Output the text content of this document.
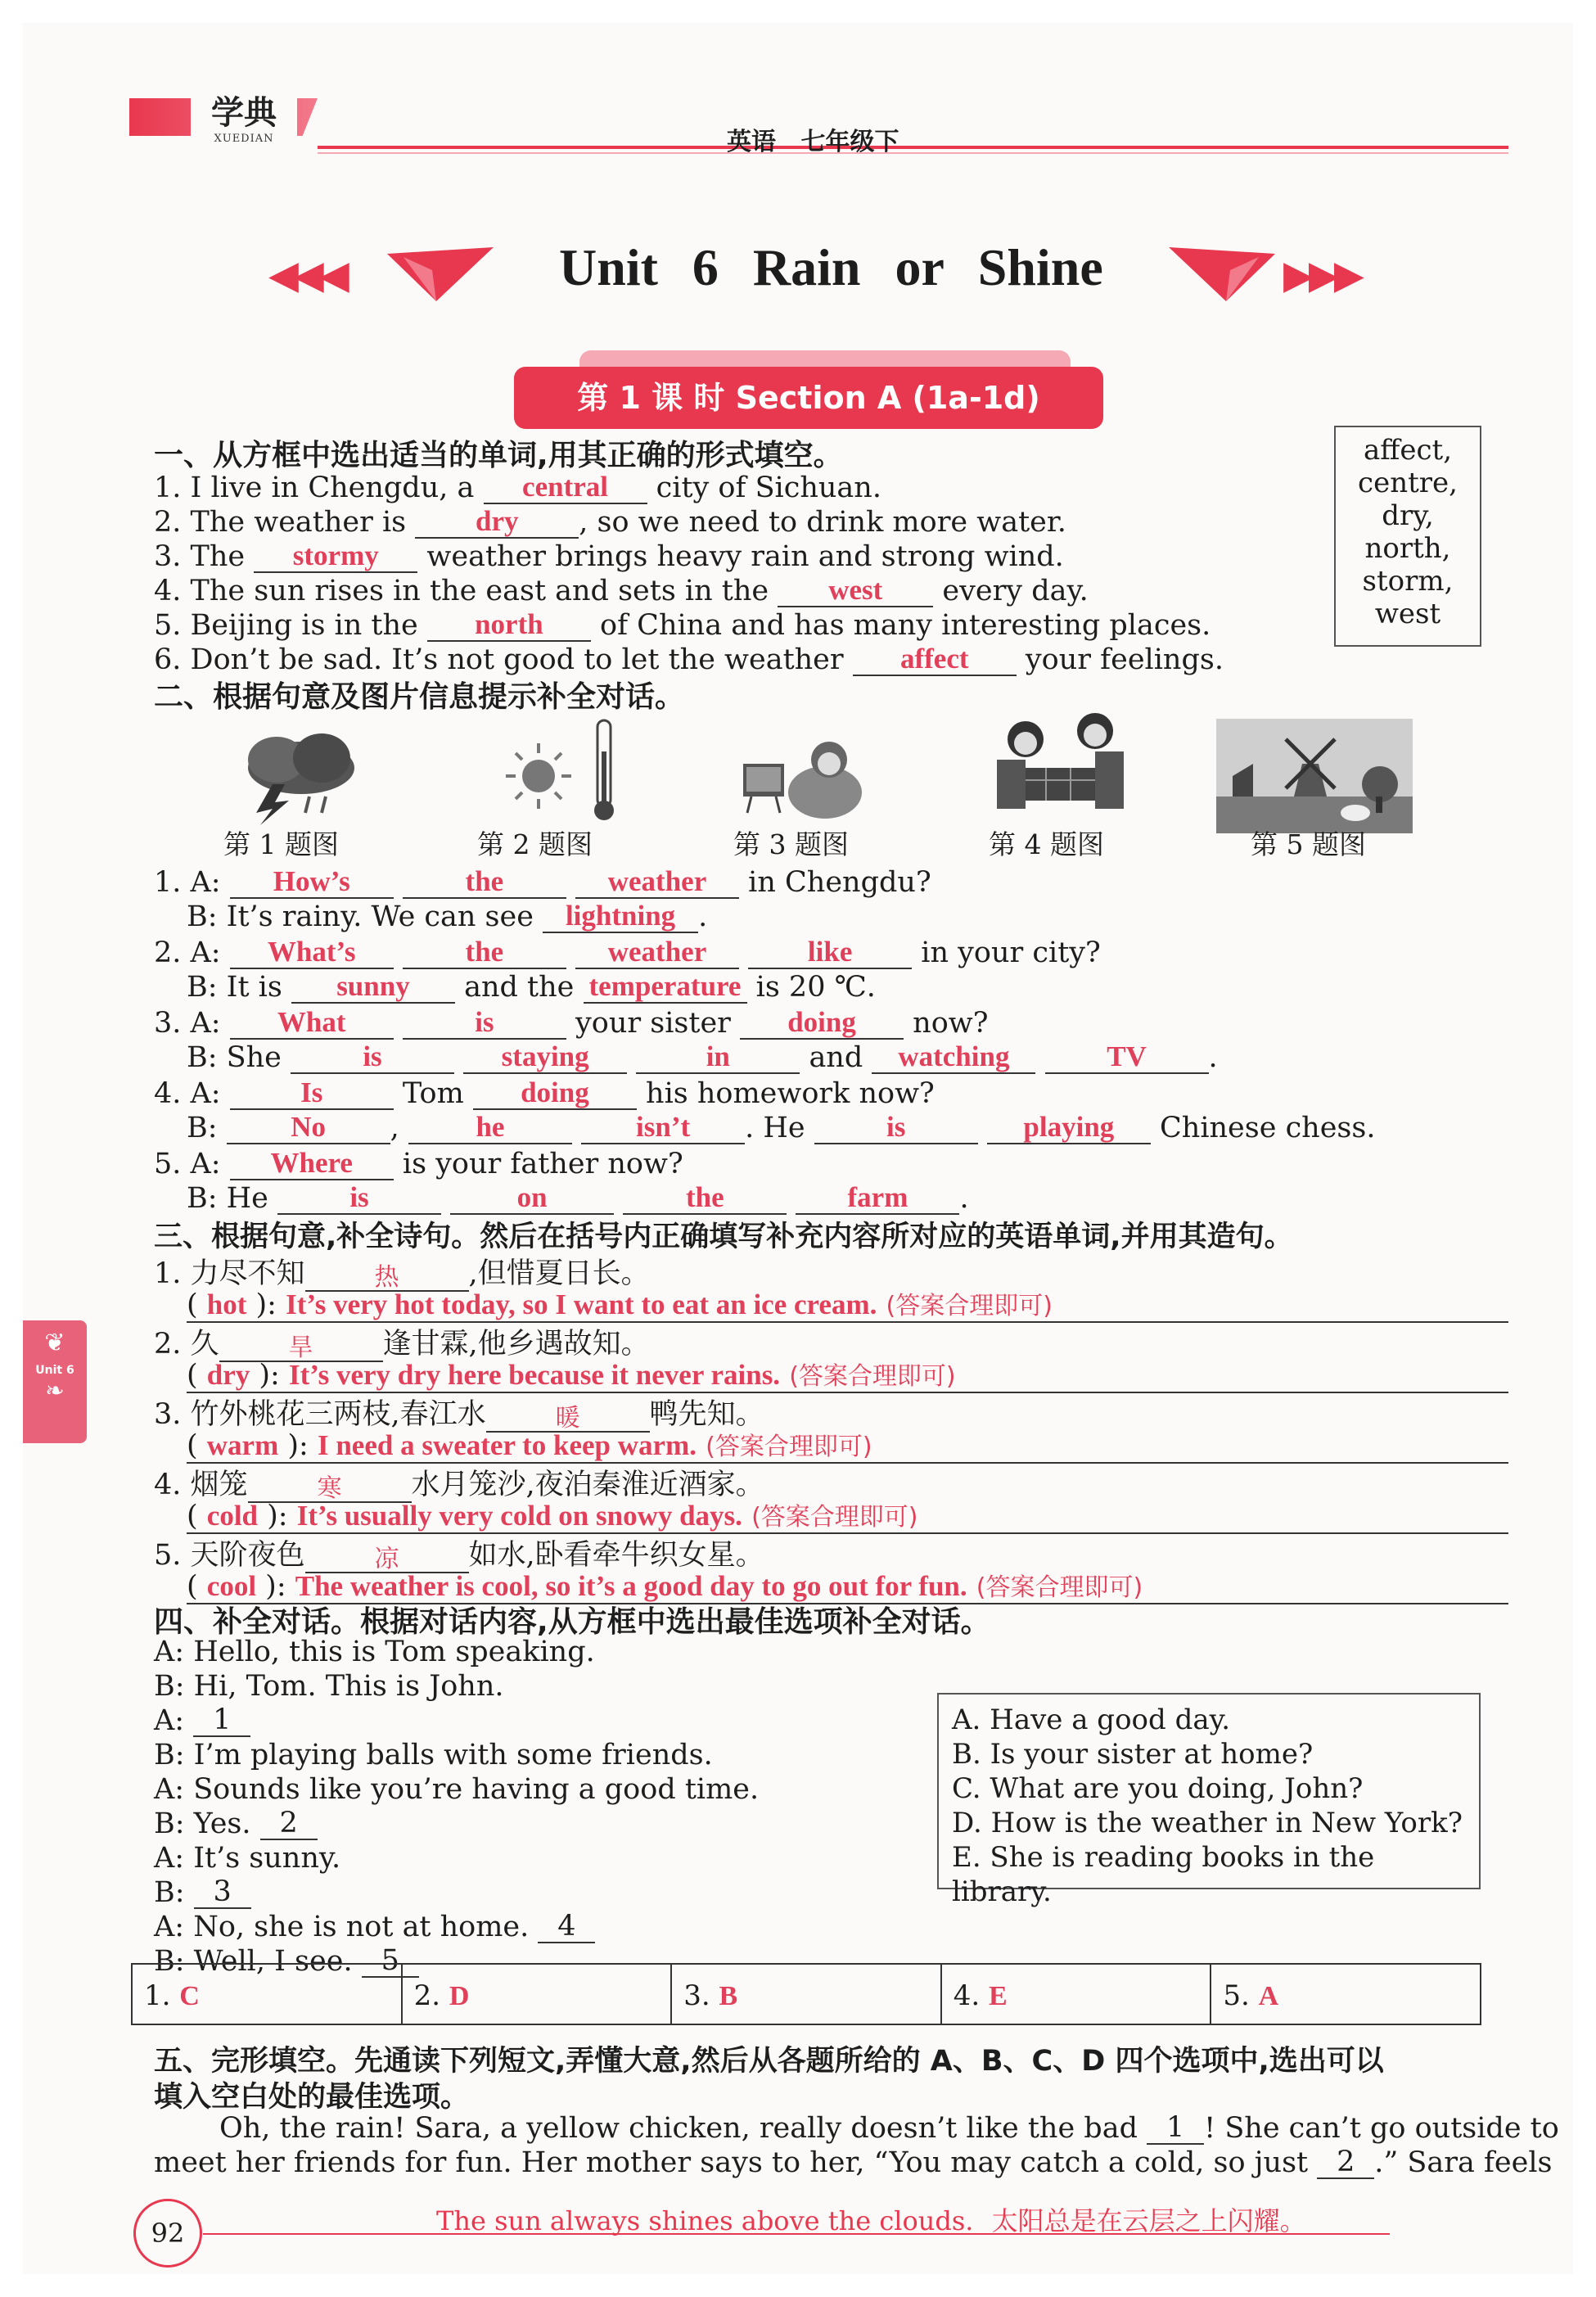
学典
XUEDIAN	英语 七年级下
◀◀◀	Unit 6 Rain or Shine	▶▶▶
第 1 课 时 Section A (1a-1d)
❦
Unit 6
❧
一、从方框中选出适当的单词,用其正确的形式填空。
1. I live in Chengdu, a central city of Sichuan.
2. The weather is dry , so we need to drink more water.
3. The stormy weather brings heavy rain and strong wind.
4. The sun rises in the east and sets in the west every day.
5. Beijing is in the north of China and has many interesting places.
6. Don’t be sad. It’s not good to let the weather affect your feelings.
affect,
centre,
dry,
north,
storm,
west
二、根据句意及图片信息提示补全对话。
第 1 题图	第 2 题图	第 3 题图	第 4 题图	第 5 题图
1. A: How’s	the	weather in Chengdu?
B: It’s rainy. We can see lightning .
2. A: What’s	the	weather	like in your city?
B: It is sunny and the temperature is 20 ℃.
3. A: What	is	your sister doing now?
B: She	is	staying	in	and watching	TV .
4. A:	Is	Tom doing his homework now?
B:	No ,	he	isn’t . He	is	playing Chinese chess.
5. A: Where is your father now?
B: He	is	on	the	farm .
三、根据句意,补全诗句。然后在括号内正确填写补充内容所对应的英语单词,并用其造句。
1. 力尽不知	热 ,但惜夏日长。
( hot ): It’s very hot today, so I want to eat an ice cream. (答案合理即可)
2. 久	旱 逢甘霖,他乡遇故知。
( dry ): It’s very dry here because it never rains. (答案合理即可)
3. 竹外桃花三两枝,春江水	暖 鸭先知。
( warm ): I need a sweater to keep warm. (答案合理即可)
4. 烟笼	寒 水月笼沙,夜泊秦淮近酒家。
( cold ): It’s usually very cold on snowy days. (答案合理即可)
5. 天阶夜色	凉 如水,卧看牵牛织女星。
( cool ): The weather is cool, so it’s a good day to go out for fun. (答案合理即可)
四、补全对话。根据对话内容,从方框中选出最佳选项补全对话。
A: Hello, this is Tom speaking.
B: Hi, Tom. This is John.
A: 1
B: I’m playing balls with some friends.
A: Sounds like you’re having a good time.
B: Yes. 2
A: It’s sunny.
B: 3
A: No, she is not at home. 4
B: Well, I see. 5
A. Have a good day.
B. Is your sister at home?
C. What are you doing, John?
D. How is the weather in New York?
E. She is reading books in the library.
1. C	2. D	3. B	4. E	5. A
五、完形填空。先通读下列短文,弄懂大意,然后从各题所给的 A、B、C、D 四个选项中,选出可以
填入空白处的最佳选项。
Oh, the rain! Sara, a yellow chicken, really doesn’t like the bad 1 ! She can’t go outside to
meet her friends for fun. Her mother says to her, “You may catch a cold, so just 2 .” Sara feels
92	The sun always shines above the clouds. 太阳总是在云层之上闪耀。
